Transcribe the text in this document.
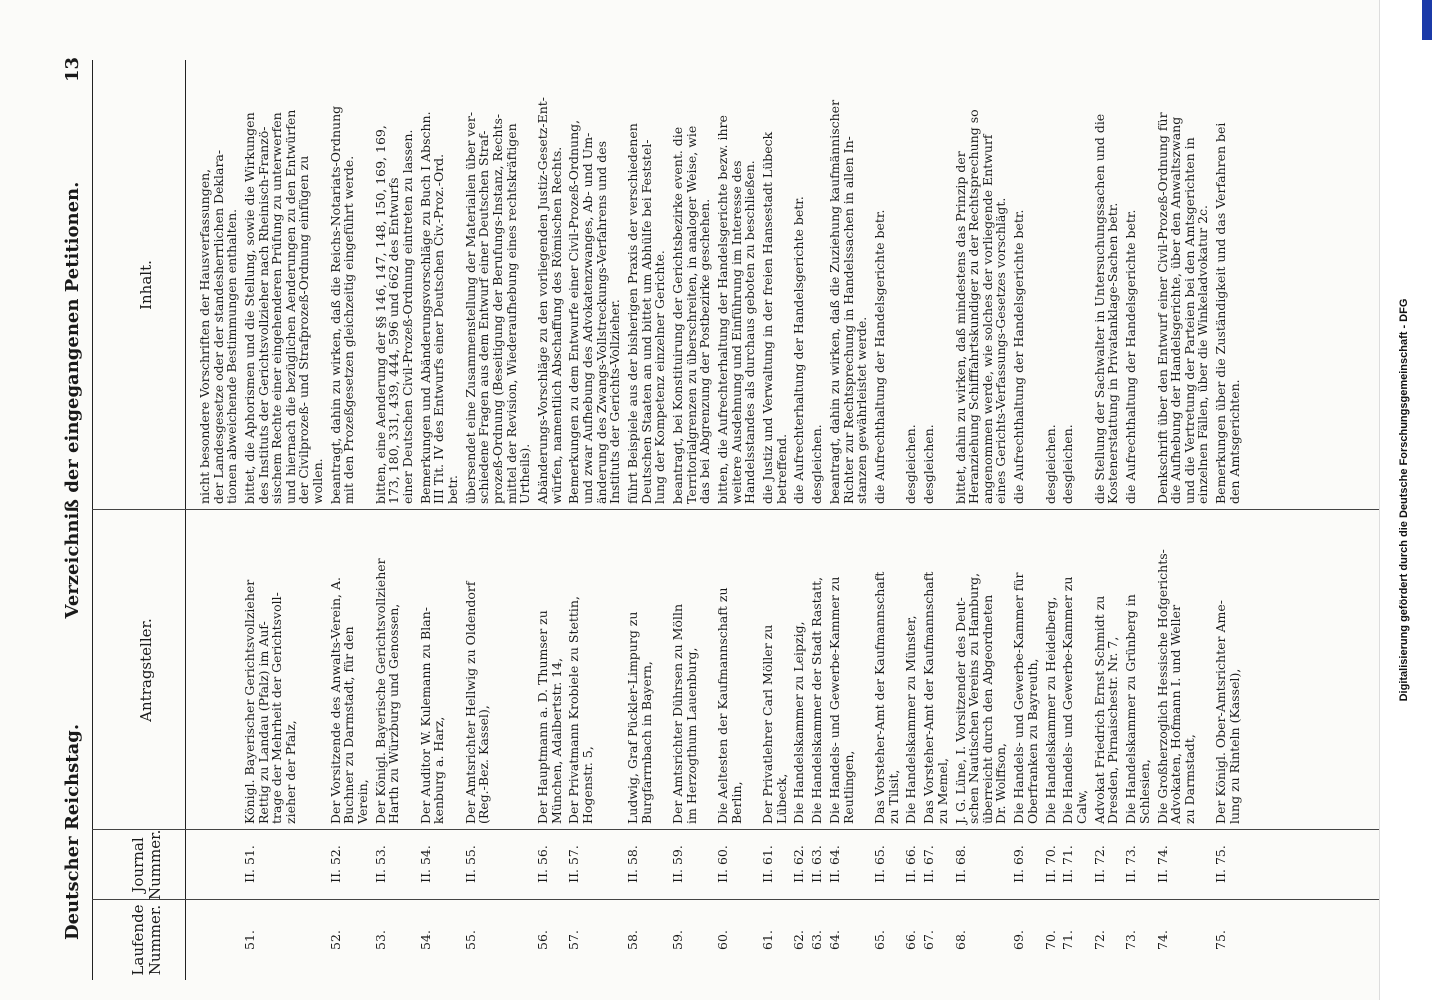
Deutscher Reichstag.
Verzeichniß der eingegangenen Petitionen.
13
Laufende Nummer.
Journal Nummer.
Antragsteller.
Inhalt.
nicht besondere Vorschriften der Hausverfassungen,
der Landesgesetze oder der standesherrlichen Deklara-
tionen abweichende Bestimmungen enthalten.
51.
II. 51.
Königl. Bayerischer Gerichtsvollzieher
Rettig zu Landau (Pfalz) im Auf-
trage der Mehrheit der Gerichtsvoll-
zieher der Pfalz,
bittet, die Aphorismen und die Stellung, sowie die Wirkungen
des Instituts der Gerichtsvollzieher nach Rheinisch-Franzö-
sischem Rechte einer eingehenderen Prüfung zu unterwerfen
und hiernach die bezüglichen Aenderungen zu den Entwürfen
der Civilprozeß- und Strafprozeß-Ordnung einfügen zu
wollen.
52.
II. 52.
Der Vorsitzende des Anwalts-Verein, A.
Buchner zu Darmstadt, für den
Verein,
beantragt, dahin zu wirken, daß die Reichs-Notariats-Ordnung
mit den Prozeßgesetzen gleichzeitig eingeführt werde.
53.
II. 53.
Der Königl. Bayerische Gerichtsvollzieher
Harth zu Würzburg und Genossen,
bitten, eine Aenderung der §§ 146, 147, 148, 150, 169, 169,
173, 180, 331, 439, 444, 596 und 662 des Entwurfs
einer Deutschen Civil-Prozeß-Ordnung eintreten zu lassen.
54.
II. 54.
Der Auditor W. Kulemann zu Blan-
kenburg a. Harz,
Bemerkungen und Abänderungsvorschläge zu Buch I Abschn.
III Tit. IV des Entwurfs einer Deutschen Civ.-Proz.-Ord.
betr.
55.
II. 55.
Der Amtsrichter Hellwig zu Oldendorf
(Reg.-Bez. Kassel),
übersendet eine Zusammenstellung der Materialien über ver-
schiedene Fragen aus dem Entwurf einer Deutschen Straf-
prozeß-Ordnung (Beseitigung der Berufungs-Instanz, Rechts-
mittel der Revision, Wiederaufhebung eines rechtskräftigen
Urtheils).
56.
II. 56.
Der Hauptmann a. D. Thumser zu
München, Adalbertstr. 14,
Abänderungs-Vorschläge zu den vorliegenden Justiz-Gesetz-Ent-
würfen, namentlich Abschaffung des Römischen Rechts.
57.
II. 57.
Der Privatmann Krobiele zu Stettin,
Hogenstr. 5,
Bemerkungen zu dem Entwurfe einer Civil-Prozeß-Ordnung,
und zwar Aufhebung des Advokatenzwanges, Ab- und Um-
änderung des Zwangs-Vollstreckungs-Verfahrens und des
Instituts der Gerichts-Vollzieher.
58.
II. 58.
Ludwig, Graf Pückler-Limpurg zu
Burgfarrnbach in Bayern,
führt Beispiele aus der bisherigen Praxis der verschiedenen
Deutschen Staaten an und bittet um Abhülfe bei Feststel-
lung der Kompetenz einzelner Gerichte.
59.
II. 59.
Der Amtsrichter Dührsen zu Mölln
im Herzogthum Lauenburg,
beantragt, bei Konstituirung der Gerichtsbezirke event. die
Territorialgrenzen zu überschreiten, in analoger Weise, wie
das bei Abgrenzung der Postbezirke geschehen.
60.
II. 60.
Die Aeltesten der Kaufmannschaft zu
Berlin,
bitten, die Aufrechterhaltung der Handelsgerichte bezw. ihre
weitere Ausdehnung und Einführung im Interesse des
Handelsstandes als durchaus geboten zu beschließen.
61.
II. 61.
Der Privatlehrer Carl Möller zu
Lübeck,
die Justiz und Verwaltung in der freien Hansestadt Lübeck
betreffend.
62.
II. 62.
Die Handelskammer zu Leipzig,
die Aufrechterhaltung der Handelsgerichte betr.
63.
II. 63.
Die Handelskammer der Stadt Rastatt,
desgleichen.
64.
II. 64.
Die Handels- und Gewerbe-Kammer zu
Reutlingen,
beantragt, dahin zu wirken, daß die Zuziehung kaufmännischer
Richter zur Rechtsprechung in Handelssachen in allen In-
stanzen gewährleistet werde.
65.
II. 65.
Das Vorsteher-Amt der Kaufmannschaft
zu Tilsit,
die Aufrechthaltung der Handelsgerichte betr.
66.
II. 66.
Die Handelskammer zu Münster,
desgleichen.
67.
II. 67.
Das Vorsteher-Amt der Kaufmannschaft
zu Memel,
desgleichen.
68.
II. 68.
J. G. Lüne, I. Vorsitzender des Deut-
schen Nautischen Vereins zu Hamburg,
überreicht durch den Abgeordneten
Dr. Wolffson,
bittet, dahin zu wirken, daß mindestens das Prinzip der
Heranziehung Schifffahrtskundiger zu der Rechtsprechung so
angenommen werde, wie solches der vorliegende Entwurf
eines Gerichts-Verfassungs-Gesetzes vorschlägt.
69.
II. 69.
Die Handels- und Gewerbe-Kammer für
Oberfranken zu Bayreuth,
die Aufrechthaltung der Handelsgerichte betr.
70.
II. 70.
Die Handelskammer zu Heidelberg,
desgleichen.
71.
II. 71.
Die Handels- und Gewerbe-Kammer zu
Calw,
desgleichen.
72.
II. 72.
Advokat Friedrich Ernst Schmidt zu
Dresden, Pirnaischestr. Nr. 7,
die Stellung der Sachwalter in Untersuchungssachen und die
Kostenerstattung in Privatanklage-Sachen betr.
73.
II. 73.
Die Handelskammer zu Grünberg in
Schlesien,
die Aufrechthaltung der Handelsgerichte betr.
74.
II. 74.
Die Großherzoglich Hessische Hofgerichts-
Advokaten, Hofmann I. und Weller
zu Darmstadt,
Denkschrift über den Entwurf einer Civil-Prozeß-Ordnung für
die Aufhebung der Handelsgerichte, über den Anwaltszwang
und die Vertretung der Parteien bei den Amtsgerichten in
einzelnen Fällen, über die Winkeladvokatur 2c.
75.
II. 75.
Der Königl. Ober-Amtsrichter Ame-
lung zu Rinteln (Kassel),
Bemerkungen über die Zuständigkeit und das Verfahren bei
den Amtsgerichten.	Digitalisierung gefördert durch die Deutsche Forschungsgemeinschaft - DFG
